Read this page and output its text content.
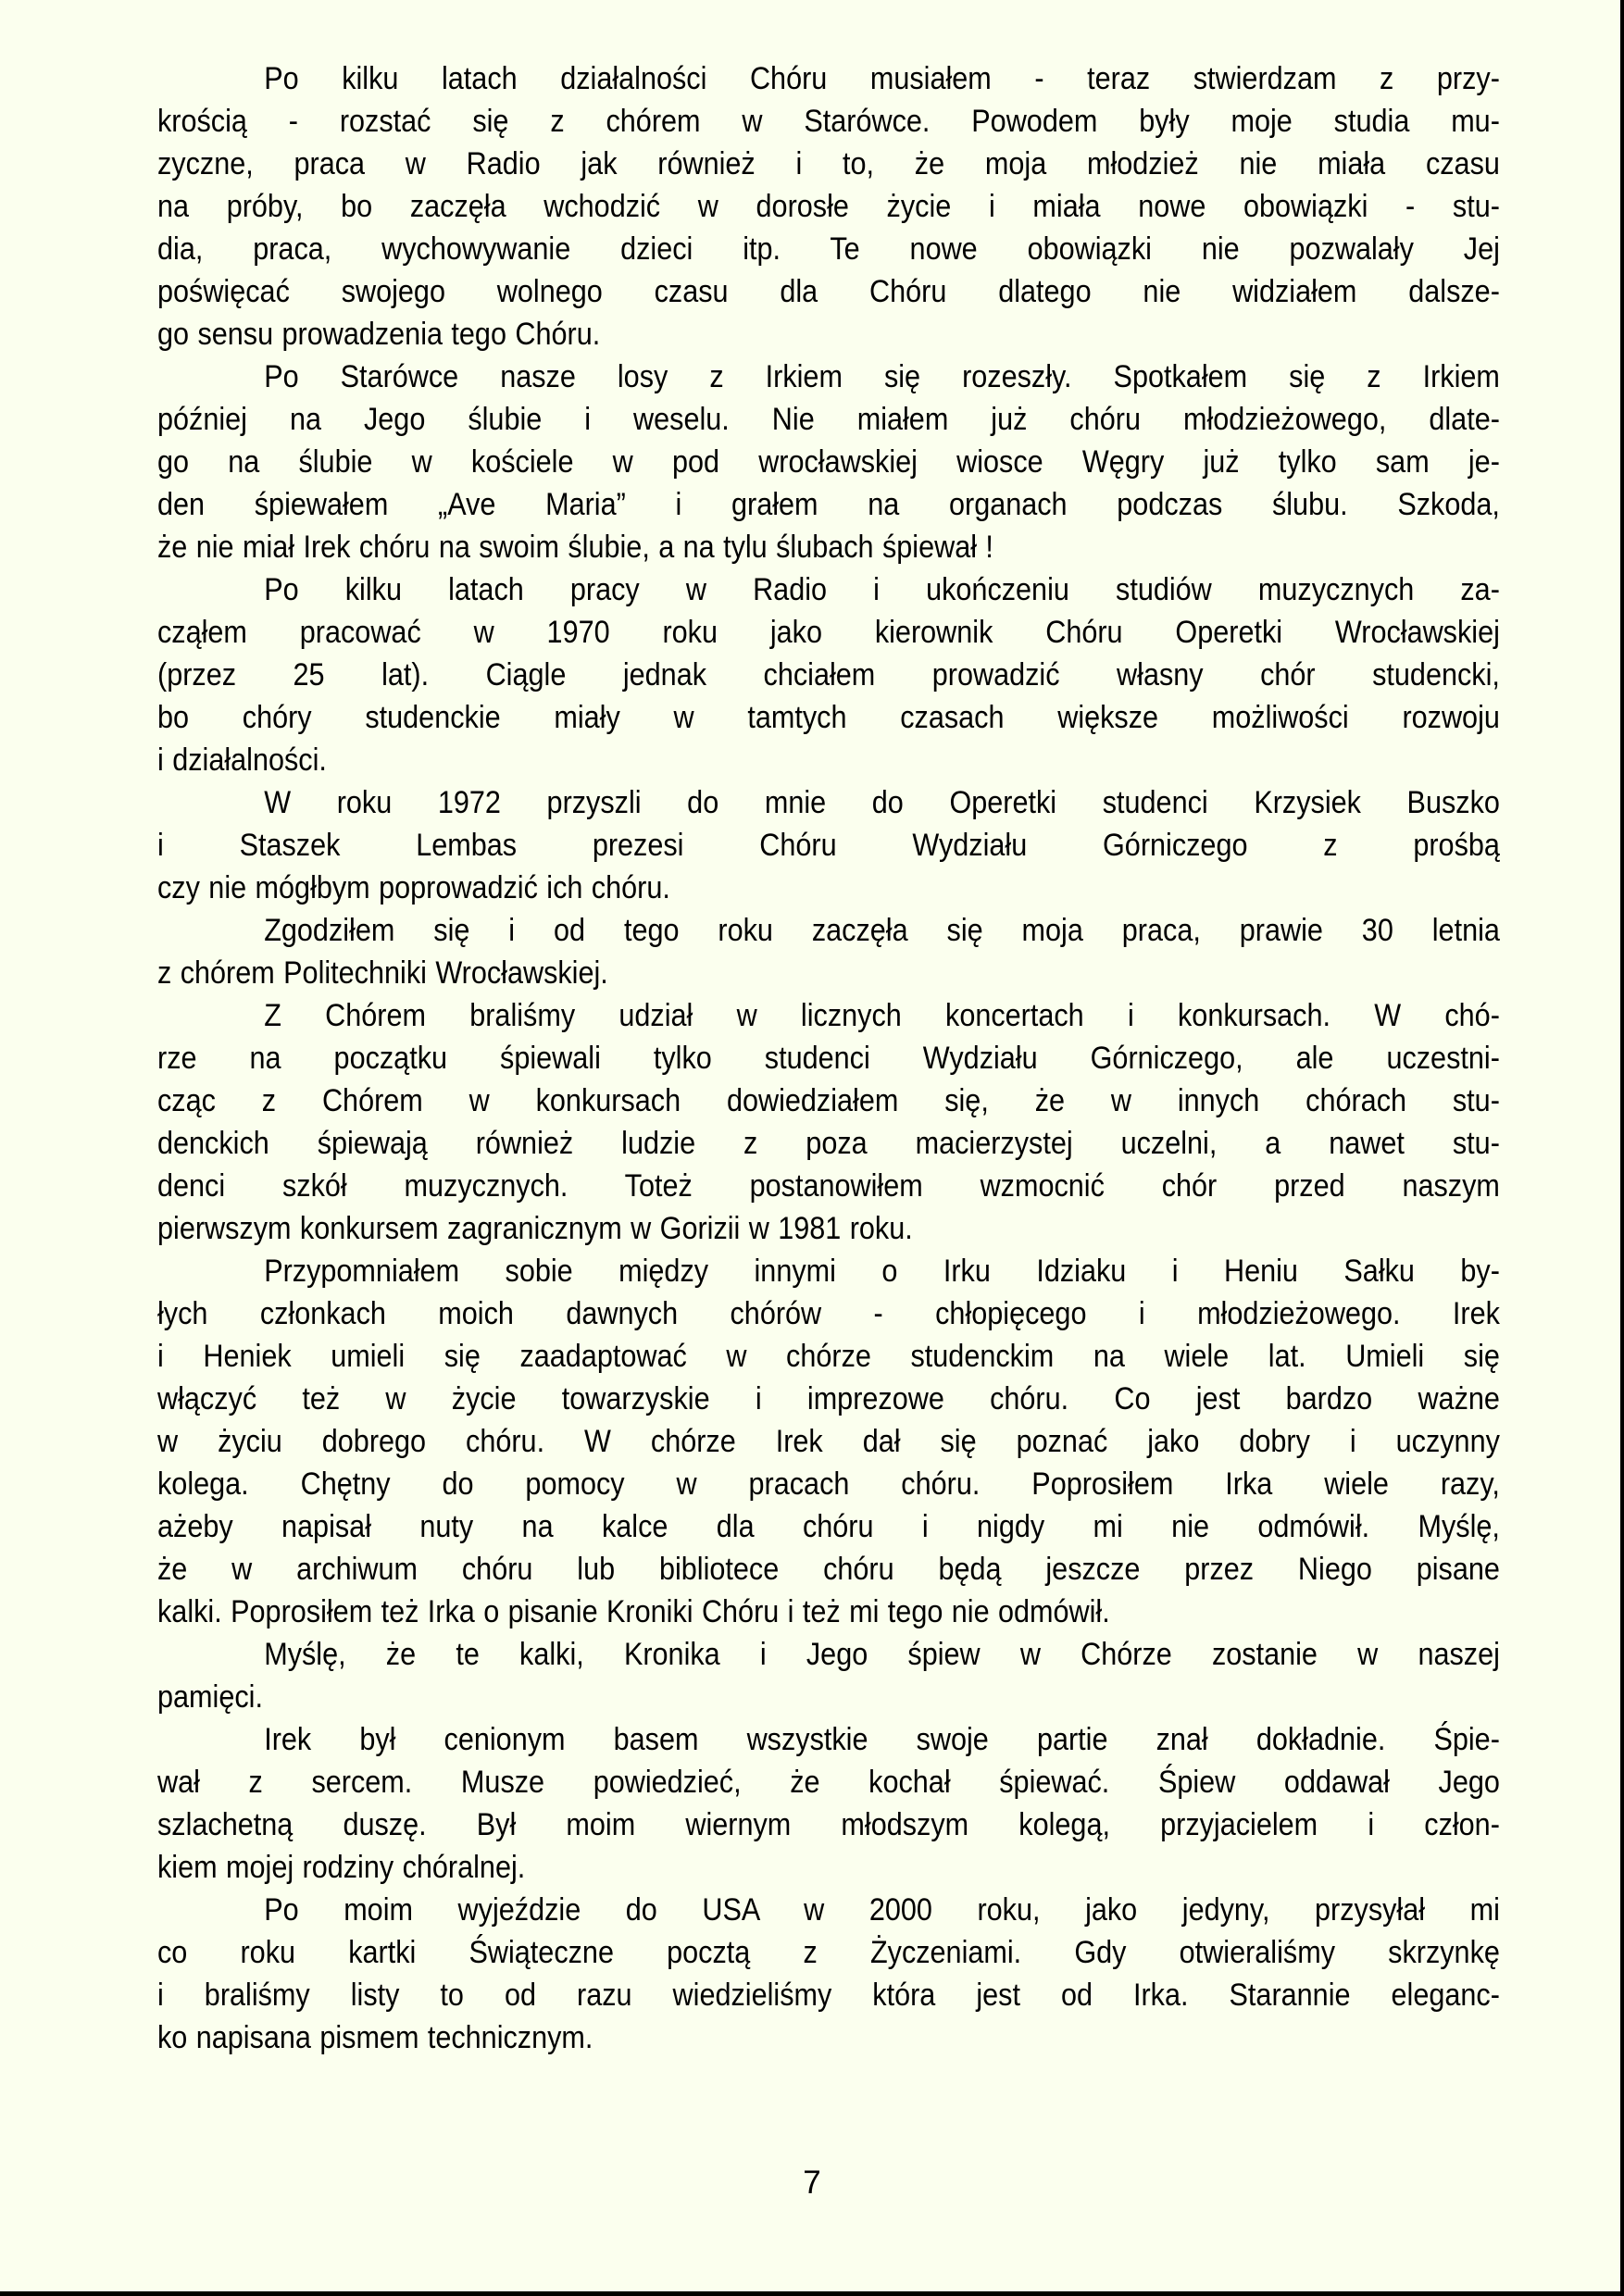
Po kilku latach działalności Chóru musiałem - teraz stwierdzam z przy-
krością - rozstać się z chórem w Starówce. Powodem były moje studia mu-
zyczne, praca w Radio jak również i to, że moja młodzież nie miała czasu
na próby, bo zaczęła wchodzić w dorosłe życie i miała nowe obowiązki - stu-
dia, praca, wychowywanie dzieci itp. Te nowe obowiązki nie pozwalały Jej
poświęcać swojego wolnego czasu dla Chóru dlatego nie widziałem dalsze-
go sensu prowadzenia tego Chóru.
Po Starówce nasze losy z Irkiem się rozeszły. Spotkałem się z Irkiem
później na Jego ślubie i weselu. Nie miałem już chóru młodzieżowego, dlate-
go na ślubie w kościele w pod wrocławskiej wiosce Węgry już tylko sam je-
den śpiewałem „Ave Maria” i grałem na organach podczas ślubu. Szkoda,
że nie miał Irek chóru na swoim ślubie, a na tylu ślubach śpiewał !
Po kilku latach pracy w Radio i ukończeniu studiów muzycznych za-
cząłem pracować w 1970 roku jako kierownik Chóru Operetki Wrocławskiej
(przez 25 lat). Ciągle jednak chciałem prowadzić własny chór studencki,
bo chóry studenckie miały w tamtych czasach większe możliwości rozwoju
i działalności.
W roku 1972 przyszli do mnie do Operetki studenci Krzysiek Buszko
i Staszek Lembas prezesi Chóru Wydziału Górniczego z prośbą
czy nie mógłbym poprowadzić ich chóru.
Zgodziłem się i od tego roku zaczęła się moja praca, prawie 30 letnia
z chórem Politechniki Wrocławskiej.
Z Chórem braliśmy udział w licznych koncertach i konkursach. W chó-
rze na początku śpiewali tylko studenci Wydziału Górniczego, ale uczestni-
cząc z Chórem w konkursach dowiedziałem się, że w innych chórach stu-
denckich śpiewają również ludzie z poza macierzystej uczelni, a nawet stu-
denci szkół muzycznych. Toteż postanowiłem wzmocnić chór przed naszym
pierwszym konkursem zagranicznym w Gorizii w 1981 roku.
Przypomniałem sobie między innymi o Irku Idziaku i Heniu Sałku by-
łych członkach moich dawnych chórów - chłopięcego i młodzieżowego. Irek
i Heniek umieli się zaadaptować w chórze studenckim na wiele lat. Umieli się
włączyć też w życie towarzyskie i imprezowe chóru. Co jest bardzo ważne
w życiu dobrego chóru. W chórze Irek dał się poznać jako dobry i uczynny
kolega. Chętny do pomocy w pracach chóru. Poprosiłem Irka wiele razy,
ażeby napisał nuty na kalce dla chóru i nigdy mi nie odmówił. Myślę,
że w archiwum chóru lub bibliotece chóru będą jeszcze przez Niego pisane
kalki. Poprosiłem też Irka o pisanie Kroniki Chóru i też mi tego nie odmówił.
Myślę, że te kalki, Kronika i Jego śpiew w Chórze zostanie w naszej
pamięci.
Irek był cenionym basem wszystkie swoje partie znał dokładnie. Śpie-
wał z sercem. Musze powiedzieć, że kochał śpiewać. Śpiew oddawał Jego
szlachetną duszę. Był moim wiernym młodszym kolegą, przyjacielem i człon-
kiem mojej rodziny chóralnej.
Po moim wyjeździe do USA w 2000 roku, jako jedyny, przysyłał mi
co roku kartki Świąteczne pocztą z Życzeniami. Gdy otwieraliśmy skrzynkę
i braliśmy listy to od razu wiedzieliśmy która jest od Irka. Starannie eleganc-
ko napisana pismem technicznym.
7
